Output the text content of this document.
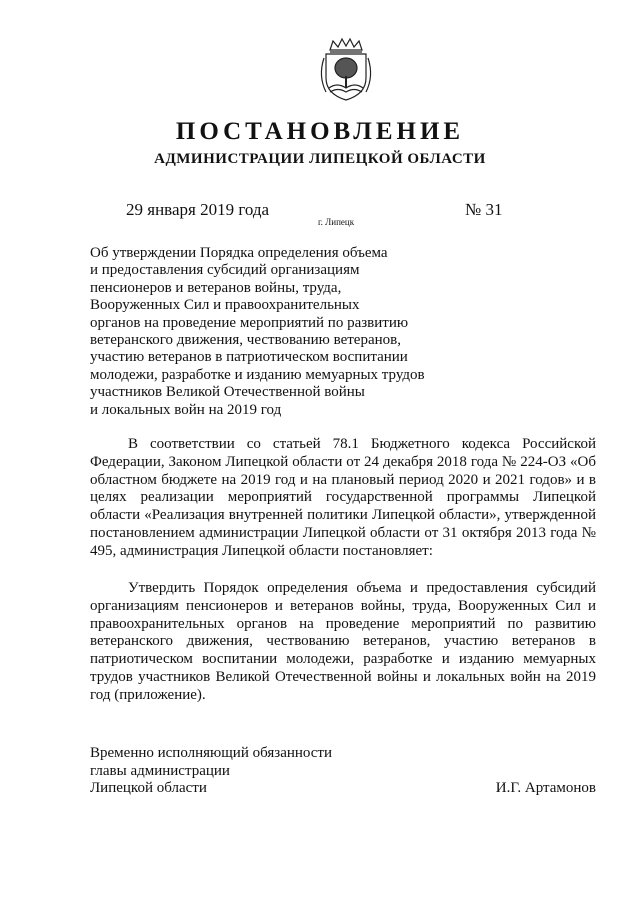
ПОСТАНОВЛЕНИЕ
АДМИНИСТРАЦИИ ЛИПЕЦКОЙ ОБЛАСТИ
29 января 2019 года
г. Липецк
№ 31
Об утверждении Порядка определения объема
и предоставления субсидий организациям
пенсионеров и ветеранов войны, труда,
Вооруженных Сил и правоохранительных
органов на проведение мероприятий по развитию
ветеранского движения, чествованию ветеранов,
участию ветеранов в патриотическом воспитании
молодежи, разработке и изданию мемуарных трудов
участников Великой Отечественной войны
и локальных войн на 2019 год
В соответствии со статьей 78.1 Бюджетного кодекса Российской Федерации, Законом Липецкой области от 24 декабря 2018 года № 224-ОЗ «Об областном бюджете на 2019 год и на плановый период 2020 и 2021 годов» и в целях реализации мероприятий государственной программы Липецкой области «Реализация внутренней политики Липецкой области», утвержденной постановлением администрации Липецкой области от 31 октября 2013 года № 495, администрация Липецкой области постановляет:
Утвердить Порядок определения объема и предоставления субсидий организациям пенсионеров и ветеранов войны, труда, Вооруженных Сил и правоохранительных органов на проведение мероприятий по развитию ветеранского движения, чествованию ветеранов, участию ветеранов в патриотическом воспитании молодежи, разработке и изданию мемуарных трудов участников Великой Отечественной войны и локальных войн на 2019 год (приложение).
Временно исполняющий обязанности
главы администрации
Липецкой области	И.Г. Артамонов
